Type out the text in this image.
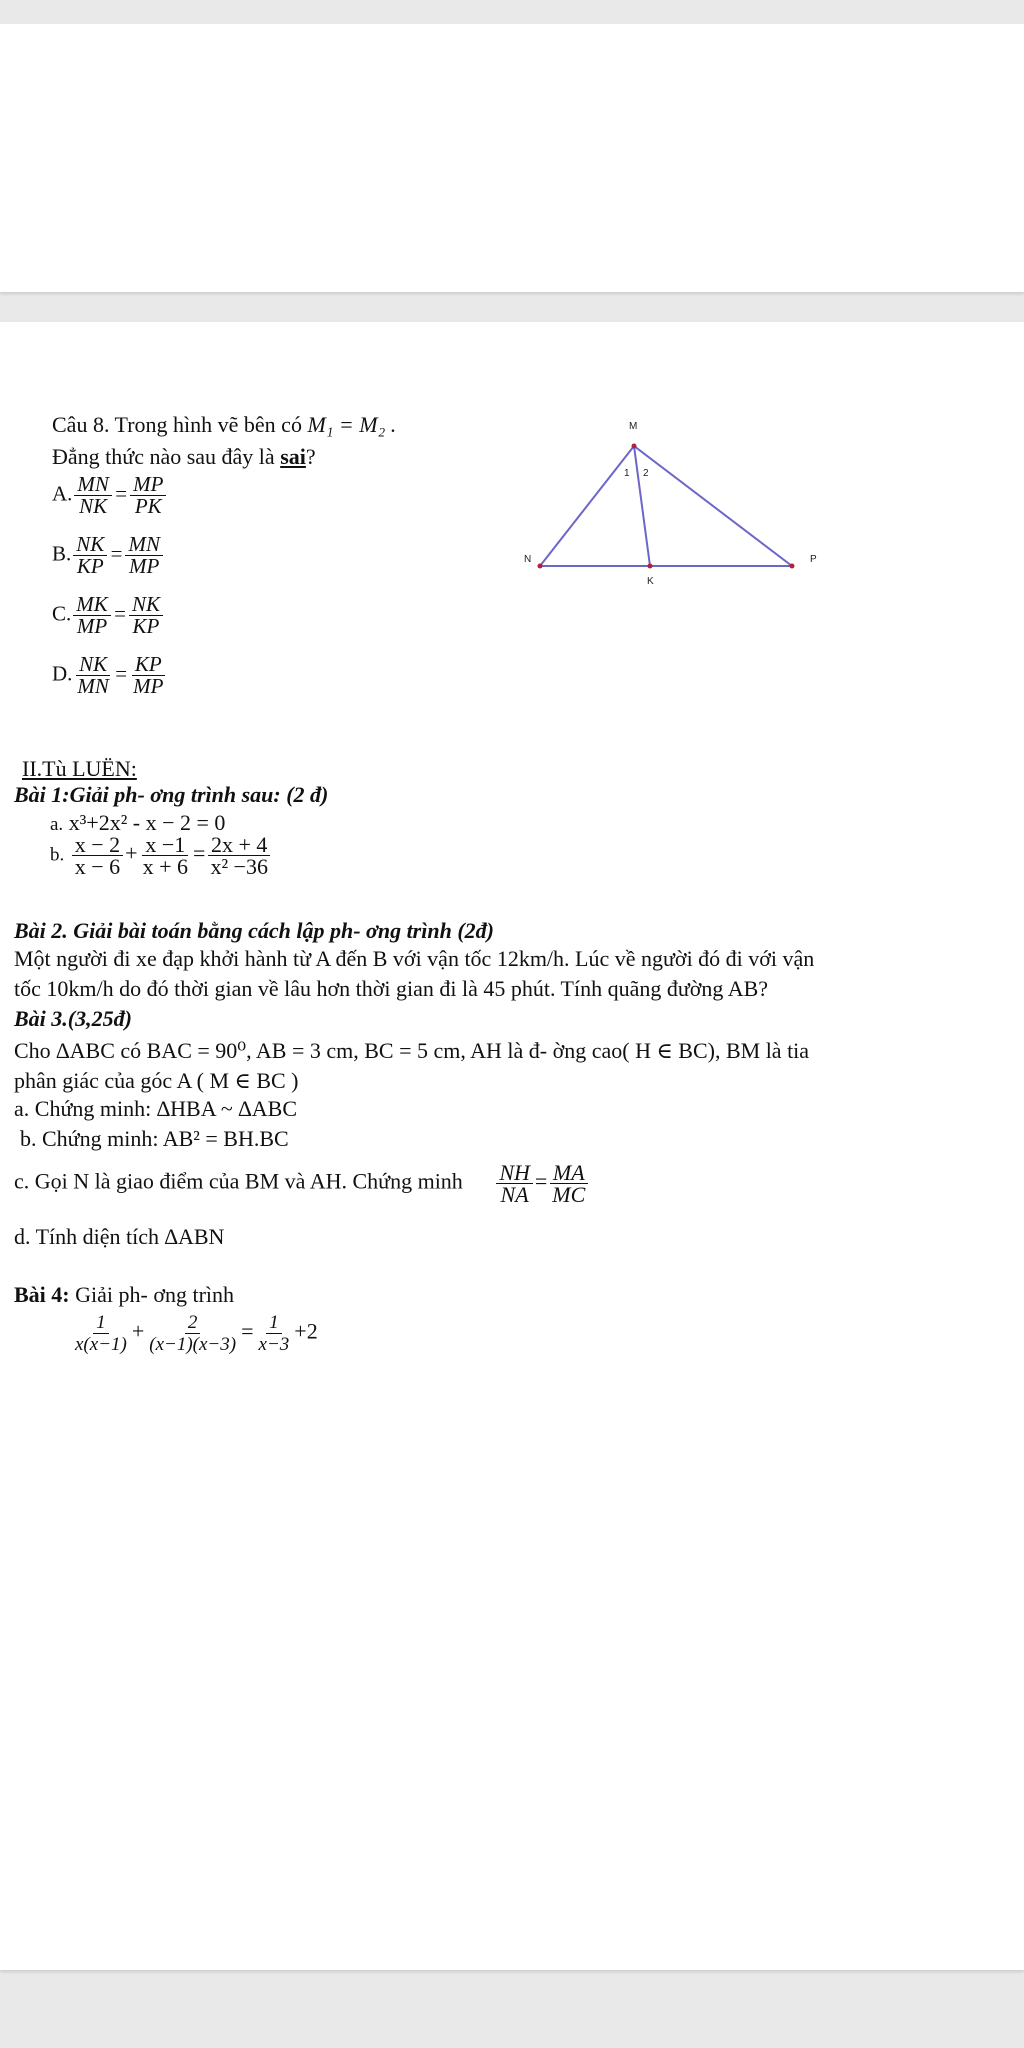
Câu 8. Trong hình vẽ bên có M₁ = M₂ .
Đẳng thức nào sau đây là sai?
A. $\frac{MN}{NK} = \frac{MP}{PK}$
B. $\frac{NK}{KP} = \frac{MN}{MP}$
C. $\frac{MK}{MP} = \frac{NK}{KP}$
D. $\frac{NK}{MN} = \frac{KP}{MP}$
M
N
K
P
1 2
II.Tù LUËN:
Bài 1:Giải ph- ơng trình sau: (2 đ)
a. x³+2x² - x − 2 = 0
b. $\frac{x - 2}{x - 6} + \frac{x -1}{x + 6} = \frac{2x + 4}{\text{x² −36}}$
Bài 2. Giải bài toán bằng cách lập ph- ơng trình (2đ)
Một người đi xe đạp khởi hành từ A đến B với vận tốc 12km/h. Lúc về người đó đi với vận
tốc 10km/h do đó thời gian về lâu hơn thời gian đi là 45 phút. Tính quãng đường AB?
Bài 3.(3,25đ)
Cho ∆ABC có BAC = 90⁰, AB = 3 cm, BC = 5 cm, AH là đ- ờng cao( H ∈ BC), BM là tia
phân giác của góc A ( M ∈ BC )
a. Chứng minh: ∆HBA ~ ∆ABC
b. Chứng minh: AB² = BH.BC
c. Gọi N là giao điểm của BM và AH. Chứng minh $\frac{NH}{NA} = \frac{MA}{MC}$
d. Tính diện tích ∆ABN
Bài 4: Giải ph- ơng trình
$\frac{1}{x(x-1)} + \frac{2}{(x-1)(x-3)} = \frac{1}{x-3} +2$
